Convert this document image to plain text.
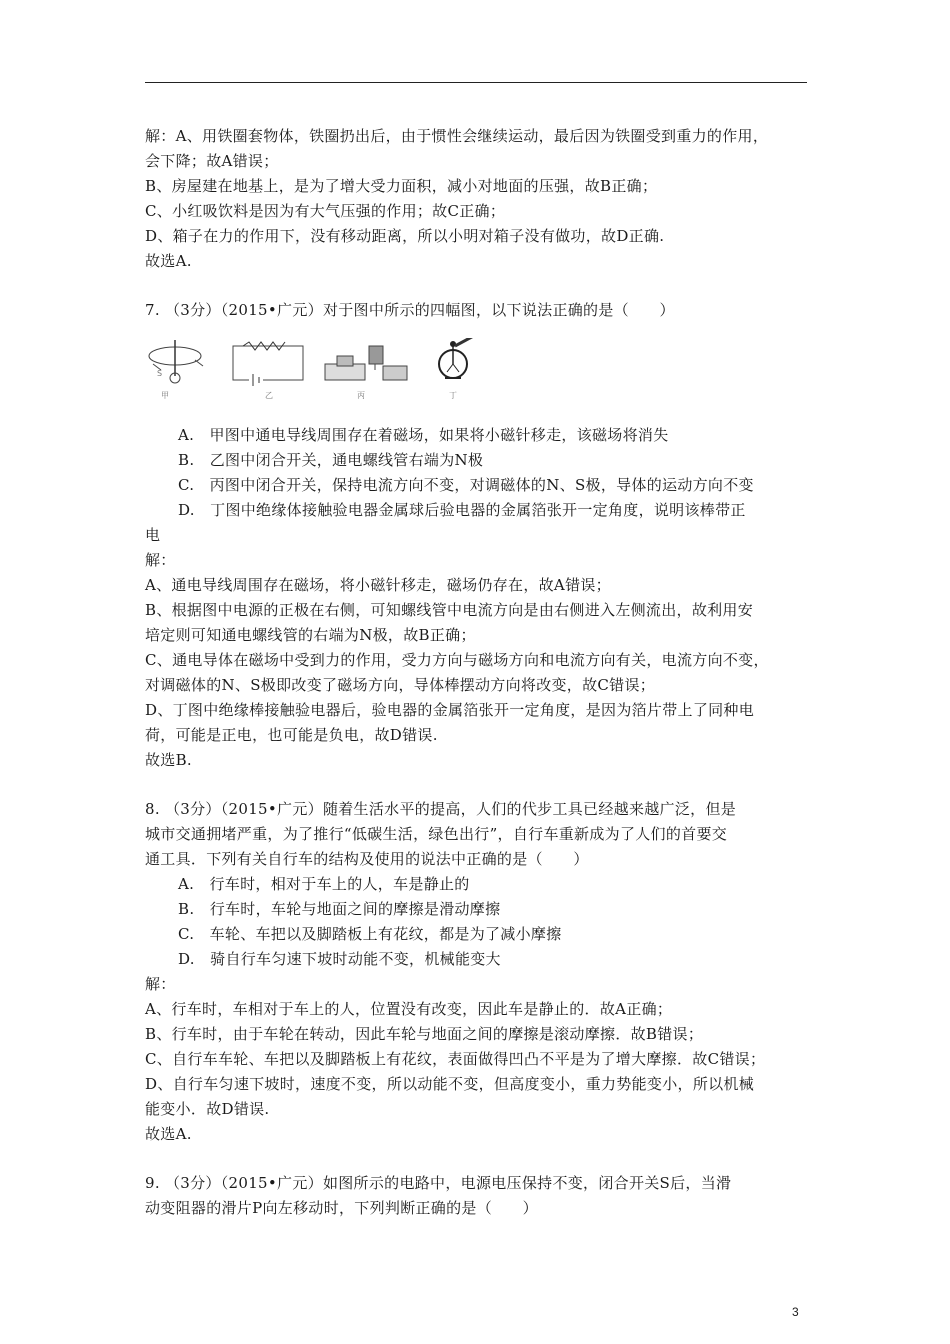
解：A、用铁圈套物体，铁圈扔出后，由于惯性会继续运动，最后因为铁圈受到重力的作用，
会下降；故A错误；
B、房屋建在地基上，是为了增大受力面积，减小对地面的压强，故B正确；
C、小红吸饮料是因为有大气压强的作用；故C正确；
D、箱子在力的作用下，没有移动距离，所以小明对箱子没有做功，故D正确.
故选A.
7. （3分）（2015•广元）对于图中所示的四幅图，以下说法正确的是（　　）
S
甲	乙	丙	丁
A.　甲图中通电导线周围存在着磁场，如果将小磁针移走，该磁场将消失
B.　乙图中闭合开关，通电螺线管右端为N极
C.　丙图中闭合开关，保持电流方向不变，对调磁体的N、S极，导体的运动方向不变
D.　丁图中绝缘体接触验电器金属球后验电器的金属箔张开一定角度，说明该棒带正
电
解：
A、通电导线周围存在磁场，将小磁针移走，磁场仍存在，故A错误；
B、根据图中电源的正极在右侧，可知螺线管中电流方向是由右侧进入左侧流出，故利用安
培定则可知通电螺线管的右端为N极，故B正确；
C、通电导体在磁场中受到力的作用，受力方向与磁场方向和电流方向有关，电流方向不变，
对调磁体的N、S极即改变了磁场方向，导体棒摆动方向将改变，故C错误；
D、丁图中绝缘棒接触验电器后，验电器的金属箔张开一定角度，是因为箔片带上了同种电
荷，可能是正电，也可能是负电，故D错误.
故选B.
8. （3分）（2015•广元）随着生活水平的提高，人们的代步工具已经越来越广泛，但是
城市交通拥堵严重，为了推行“低碳生活，绿色出行”，自行车重新成为了人们的首要交
通工具．下列有关自行车的结构及使用的说法中正确的是（　　）
A.　行车时，相对于车上的人，车是静止的
B.　行车时，车轮与地面之间的摩擦是滑动摩擦
C.　车轮、车把以及脚踏板上有花纹，都是为了减小摩擦
D.　骑自行车匀速下坡时动能不变，机械能变大
解：
A、行车时，车相对于车上的人，位置没有改变，因此车是静止的．故A正确；
B、行车时，由于车轮在转动，因此车轮与地面之间的摩擦是滚动摩擦．故B错误；
C、自行车车轮、车把以及脚踏板上有花纹，表面做得凹凸不平是为了增大摩擦．故C错误；
D、自行车匀速下坡时，速度不变，所以动能不变，但高度变小，重力势能变小，所以机械
能变小．故D错误.
故选A.
9. （3分）（2015•广元）如图所示的电路中，电源电压保持不变，闭合开关S后，当滑
动变阻器的滑片P向左移动时，下列判断正确的是（　　）
3
